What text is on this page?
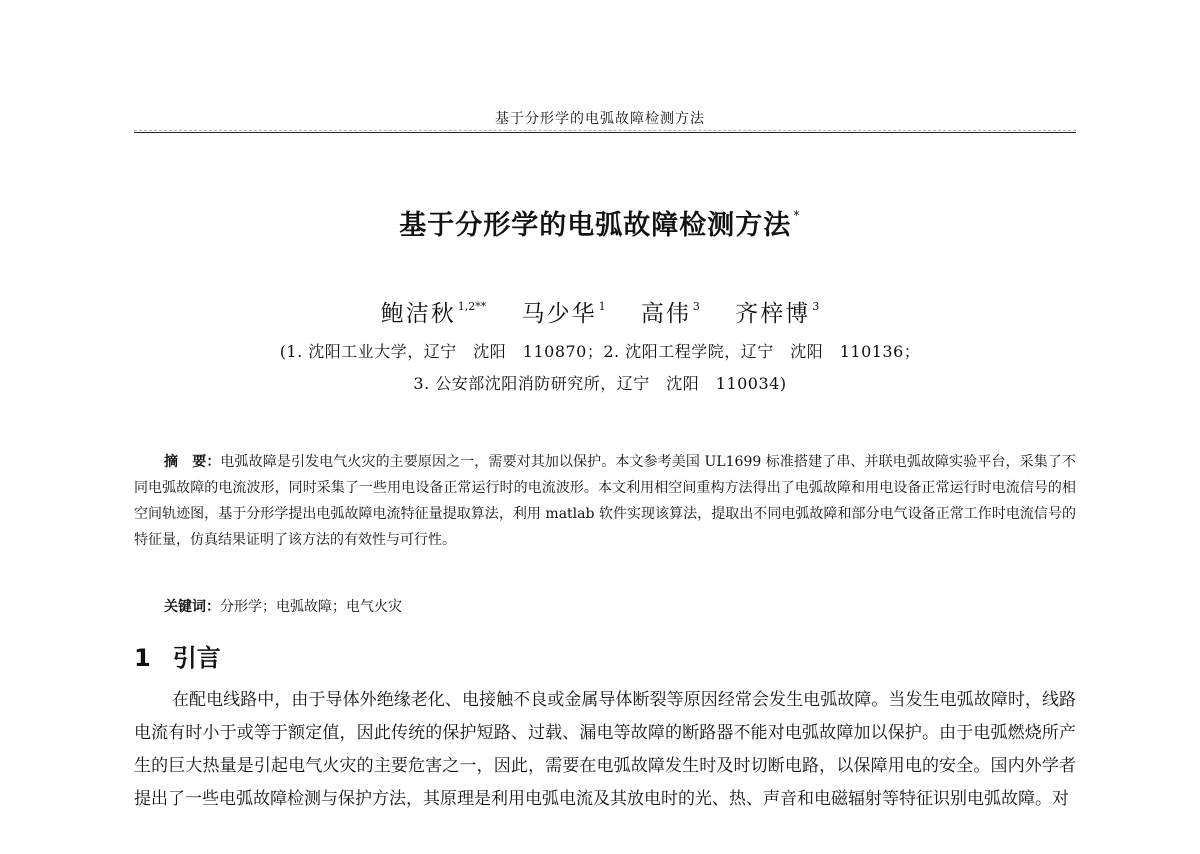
基于分形学的电弧故障检测方法
基于分形学的电弧故障检测方法 *
鲍洁秋 $^{1,2**}$ 马少华 $^1$ 高伟 $^3$ 齐梓博 $^3$
(1. 沈阳工业大学，辽宁　沈阳　110870；2. 沈阳工程学院，辽宁　沈阳　110136；
3. 公安部沈阳消防研究所，辽宁　沈阳　110034)

摘　要：电弧故障是引发电气火灾的主要原因之一，需要对其加以保护。本文参考美国 UL1699 标准搭建了串、并联电弧故障实验平台，采集了不同电弧故障的电流波形，同时采集了一些用电设备正常运行时的电流波形。本文利用相空间重构方法得出了电弧故障和用电设备正常运行时电流信号的相空间轨迹图，基于分形学提出电弧故障电流特征量提取算法，利用 matlab 软件实现该算法，提取出不同电弧故障和部分电气设备正常工作时电流信号的特征量，仿真结果证明了该方法的有效性与可行性。

关键词：分形学；电弧故障；电气火灾
1 引言

在配电线路中，由于导体外绝缘老化、电接触不良或金属导体断裂等原因经常会发生电弧故障。当发生电弧故障时，线路电流有时小于或等于额定值，因此传统的保护短路、过载、漏电等故障的断路器不能对电弧故障加以保护。由于电弧燃烧所产生的巨大热量是引起电气火灾的主要危害之一，因此，需要在电弧故障发生时及时切断电路，以保障用电的安全。国内外学者提出了一些电弧故障检测与保护方法，其原理是利用电弧电流及其放电时的光、热、声音和电磁辐射等特征识别电弧故障。对
